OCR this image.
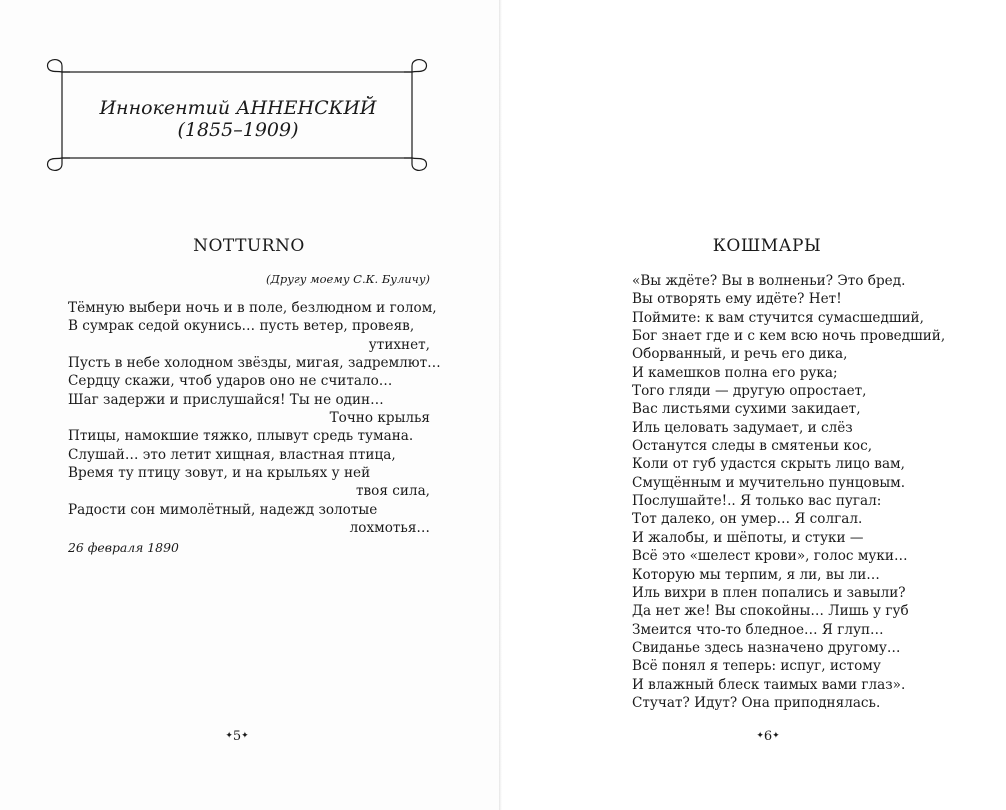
Иннокентий АННЕНСКИЙ
(1855–1909)
NOTTURNO
(Другу моему С.К. Буличу)
Тёмную выбери ночь и в поле, безлюдном и голом,
В сумрак седой окунись… пусть ветер, провеяв,
утихнет,
Пусть в небе холодном звёзды, мигая, задремлют…
Сердцу скажи, чтоб ударов оно не считало…
Шаг задержи и прислушайся! Ты не один…
Точно крылья
Птицы, намокшие тяжко, плывут средь тумана.
Слушай… это летит хищная, властная птица,
Время ту птицу зовут, и на крыльях у ней
твоя сила,
Радости сон мимолётный, надежд золотые
лохмотья…
26 февраля 1890
✦5✦
КОШМАРЫ
«Вы ждёте? Вы в волненьи? Это бред.
Вы отворять ему идёте? Нет!
Поймите: к вам стучится сумасшедший,
Бог знает где и с кем всю ночь проведший,
Оборванный, и речь его дика,
И камешков полна его рука;
Того гляди — другую опростает,
Вас листьями сухими закидает,
Иль целовать задумает, и слёз
Останутся следы в смятеньи кос,
Коли от губ удастся скрыть лицо вам,
Смущённым и мучительно пунцовым.
Послушайте!.. Я только вас пугал:
Тот далеко, он умер… Я солгал.
И жалобы, и шёпоты, и стуки —
Всё это «шелест крови», голос муки…
Которую мы терпим, я ли, вы ли…
Иль вихри в плен попались и завыли?
Да нет же! Вы спокойны… Лишь у губ
Змеится что-то бледное… Я глуп…
Свиданье здесь назначено другому…
Всё понял я теперь: испуг, истому
И влажный блеск таимых вами глаз».
Стучат? Идут? Она приподнялась.
✦6✦
